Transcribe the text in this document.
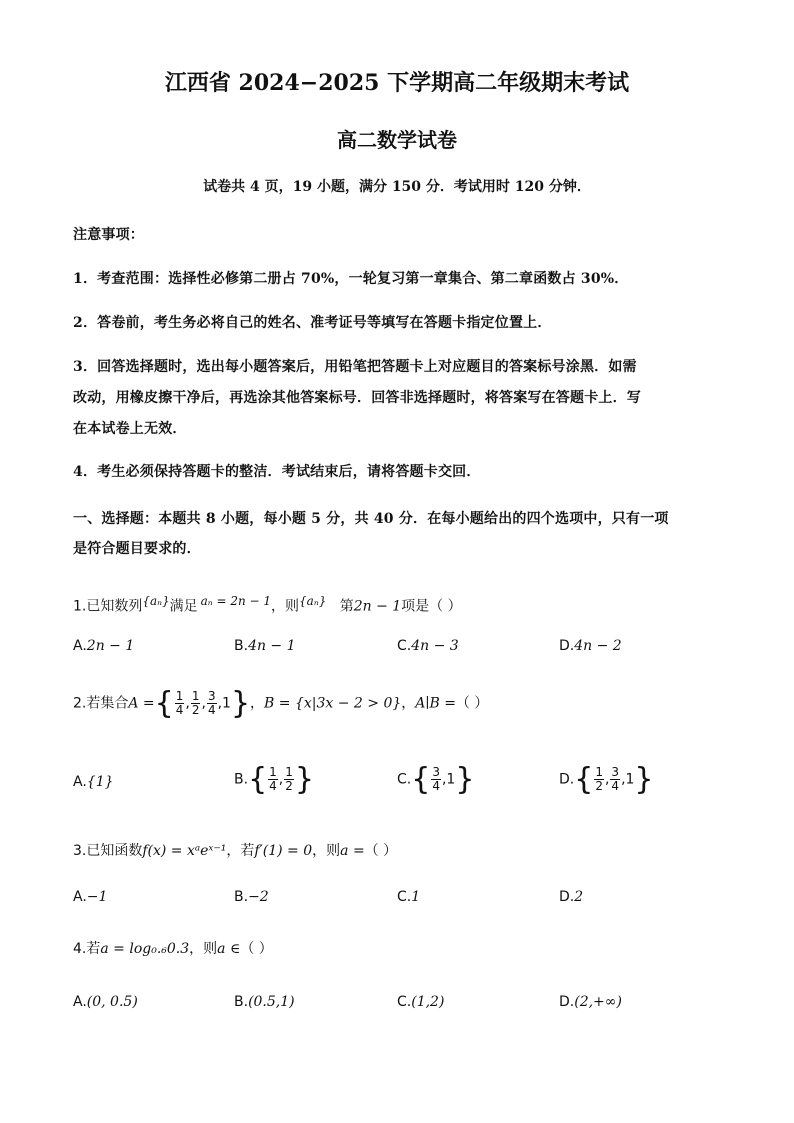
江西省 2024−2025 下学期高二年级期末考试
高二数学试卷
试卷共 4 页，19 小题，满分 150 分．考试用时 120 分钟．
注意事项：
1．考查范围：选择性必修第二册占 70%，一轮复习第一章集合、第二章函数占 30%．
2．答卷前，考生务必将自己的姓名、准考证号等填写在答题卡指定位置上．
3．回答选择题时，选出每小题答案后，用铅笔把答题卡上对应题目的答案标号涂黑．如需
改动，用橡皮擦干净后，再选涂其他答案标号．回答非选择题时，将答案写在答题卡上．写
在本试卷上无效．
4．考生必须保持答题卡的整洁．考试结束后，请将答题卡交回．
一、选择题：本题共 8 小题，每小题 5 分，共 40 分．在每小题给出的四个选项中，只有一项
是符合题目要求的．
1.已知数列$^{\{a_n\}}$满足 $^{a_n = 2n - 1}$，则$^{\{a_n\}}$ 第2n − 1项是（ ）
A.2n − 1	B.4n − 1	C.4n − 3	D.4n − 2
2.若集合A ={ $\frac{1}{4}$ , $\frac{1}{2}$ , $\frac{3}{4} ,1$}，B = {x|3x − 2 > 0}，A∣B =（ ）
A.{1}	$B.\{ \frac{1}{4}$ , $\frac{1}{2}$ }	$C.\{ \frac{3}{4} ,1\}$	$D.\{ \frac{1}{2}$ , $\frac{3}{4} ,1$}
3.已知函数f(x) = xᵃeˣ⁻¹，若f′(1) = 0，则a =（ ）
A.−1	B.−2	C.1	D.2
4.若a = log₀.₆0.3，则a ∈（ ）
A.(0, 0.5)	B.(0.5,1)	C.(1,2)	D.(2,+∞)
